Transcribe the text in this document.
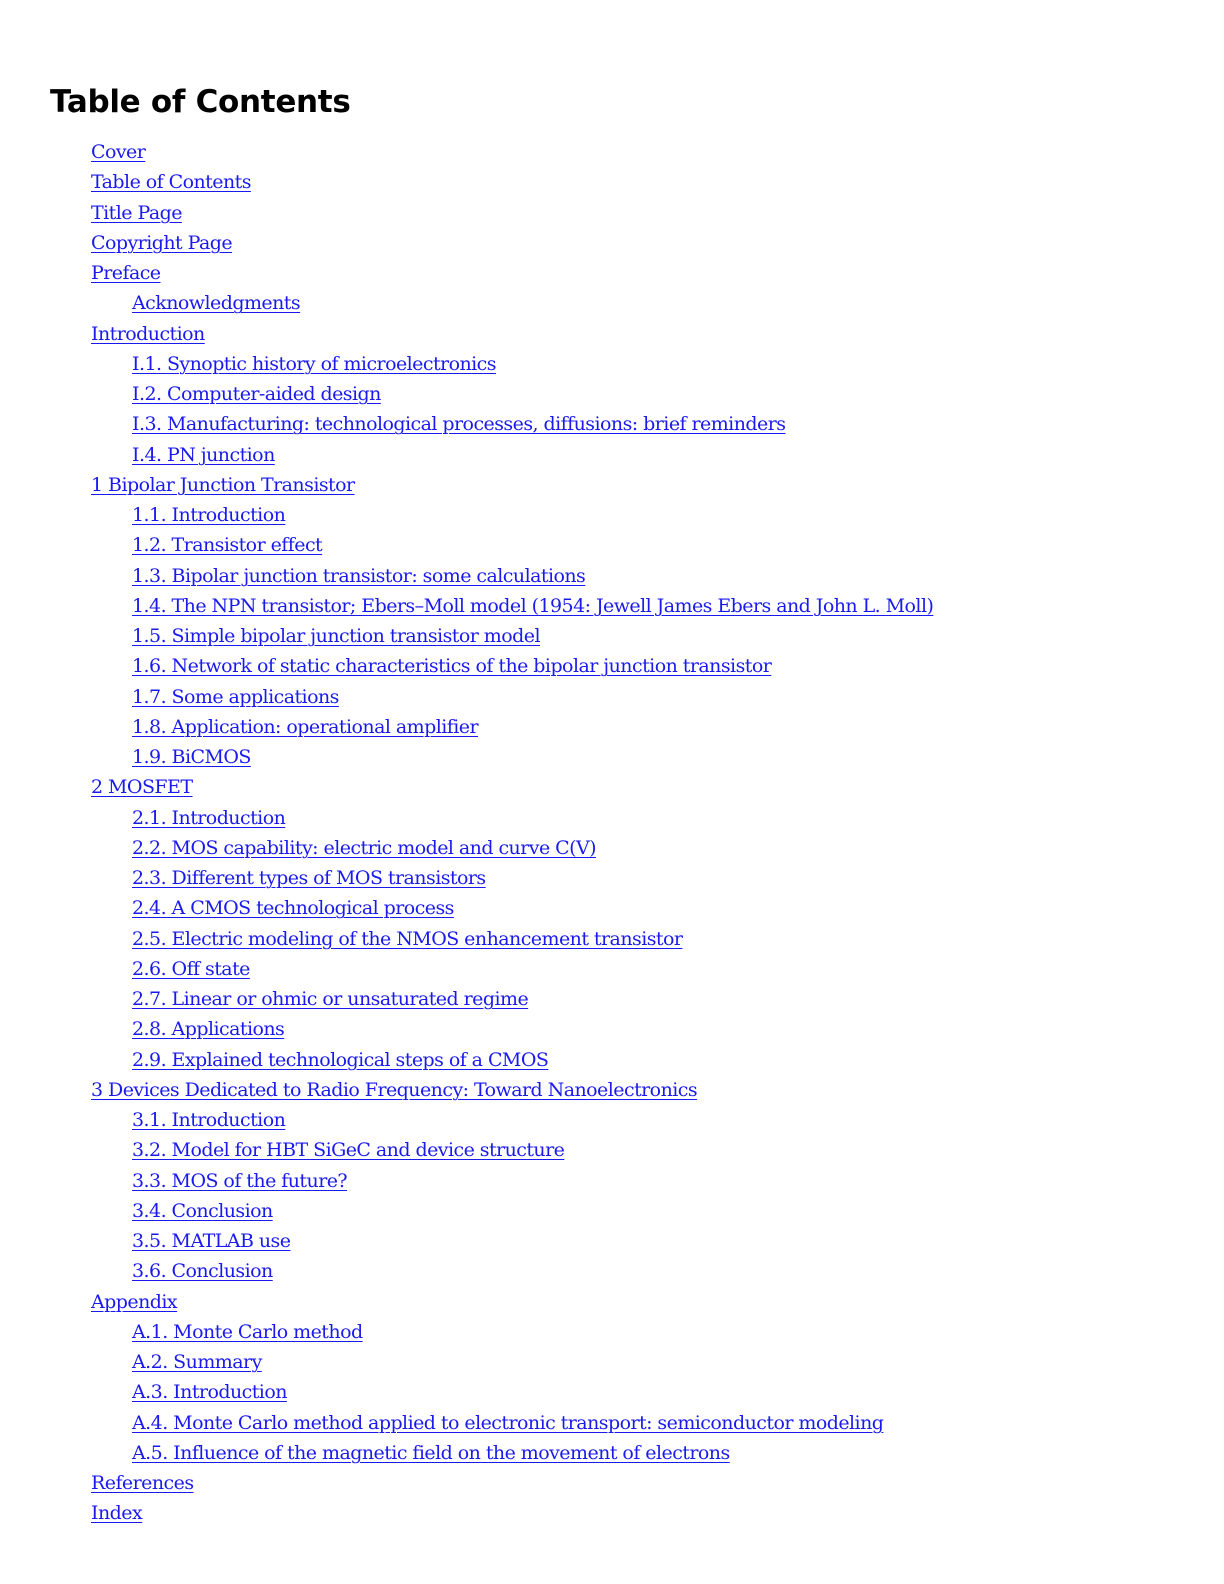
Table of Contents
Cover
Table of Contents
Title Page
Copyright Page
Preface
Acknowledgments
Introduction
I.1. Synoptic history of microelectronics
I.2. Computer-aided design
I.3. Manufacturing: technological processes, diffusions: brief reminders
I.4. PN junction
1 Bipolar Junction Transistor
1.1. Introduction
1.2. Transistor effect
1.3. Bipolar junction transistor: some calculations
1.4. The NPN transistor; Ebers–Moll model (1954: Jewell James Ebers and John L. Moll)
1.5. Simple bipolar junction transistor model
1.6. Network of static characteristics of the bipolar junction transistor
1.7. Some applications
1.8. Application: operational amplifier
1.9. BiCMOS
2 MOSFET
2.1. Introduction
2.2. MOS capability: electric model and curve C(V)
2.3. Different types of MOS transistors
2.4. A CMOS technological process
2.5. Electric modeling of the NMOS enhancement transistor
2.6. Off state
2.7. Linear or ohmic or unsaturated regime
2.8. Applications
2.9. Explained technological steps of a CMOS
3 Devices Dedicated to Radio Frequency: Toward Nanoelectronics
3.1. Introduction
3.2. Model for HBT SiGeC and device structure
3.3. MOS of the future?
3.4. Conclusion
3.5. MATLAB use
3.6. Conclusion
Appendix
A.1. Monte Carlo method
A.2. Summary
A.3. Introduction
A.4. Monte Carlo method applied to electronic transport: semiconductor modeling
A.5. Influence of the magnetic field on the movement of electrons
References
Index
